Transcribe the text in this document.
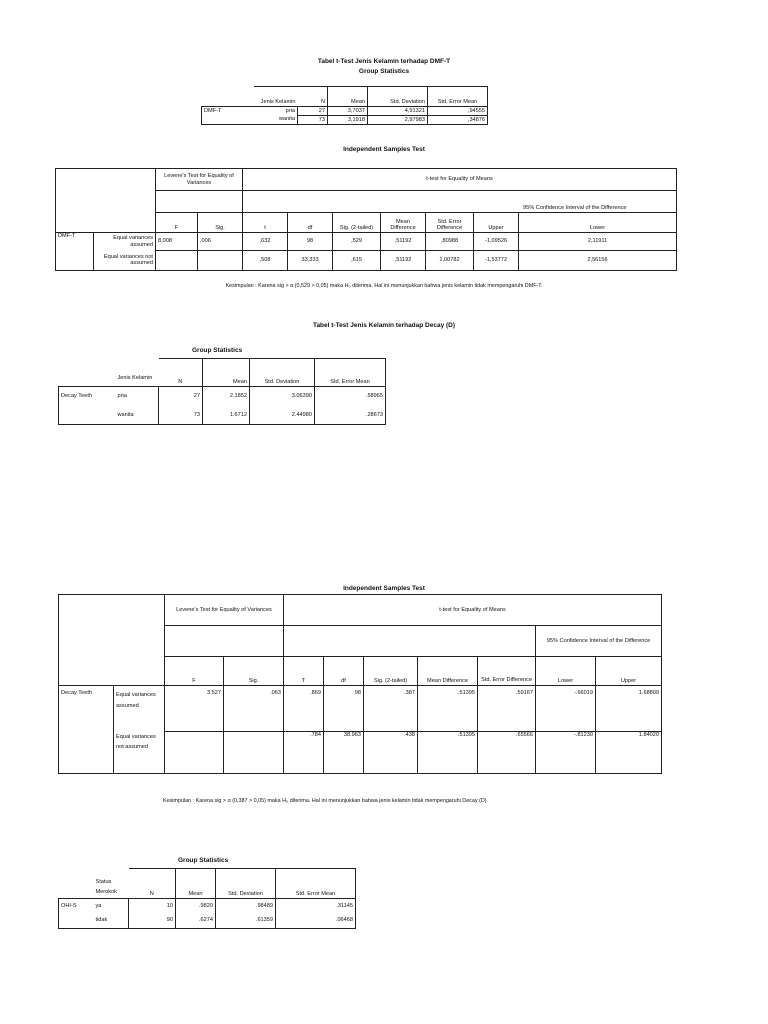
Tabel t-Test Jenis Kelamin terhadap DMF-T
Group Statistics
	Jenis Kelamin	N	Mean	Std. Deviation	Std. Error Mean
DMF-T	pria	27	3,7037	4,91321	,94555
	wanita	73	3,1918	2,97983	,34876
Independent Samples Test
		Levene's Test for Equality of Variances		t-test for Equality of Means						
									95% Confidence Interval of the Difference	
		F	Sig.	t	df	Sig. (2-tailed)	Mean Difference	Std. Error Difference	Upper	Lower
DMF-T	Equal variances assumed	8,008	,006	,632	98	,529	,51192	,80988	-1,09526	2,11911
	Equal variances not assumed			,508	33,333	,615	,51192	1,00782	-1,53772	2,56156
Kesimpulan : Karena sig > α (0,529 > 0,05) maka H₀ diterima. Hal ini menunjukkan bahwa jenis kelamin tidak mempengaruhi DMF-T.
Tabel t-Test Jenis Kelamin terhadap Decay (D)
Group Statistics
	Jenis Kelamin	N	Mean	Std. Deviation	Std. Error Mean
Decay Teeth	pria	27	2.1852	3.06390	.58965
	wanita	73	1.6712	2.44980	.28673
Independent Samples Test
		Levene's Test for Equality of Variances		t-test for Equality of Means						
									95% Confidence Interval of the Difference	
		F	Sig.	T	df	Sig. (2-tailed)	Mean Difference	Std. Error Difference	Lower	Upper
Decay Teeth	Equal variances assumed	3.527	.063	.869	98	.387	.51395	.59167	-.66019	1.68809
	Equal variances not assumed			.784	38.963	.438	.51395	.65566	-.81230	1.84020
Kesimpulan : Karena sig > α (0,387 > 0,05) maka H₀ diterima. Hal ini menunjukkan bahwa jenis kelamin tidak mempengaruhi Decay (D)
Group Statistics
	Status Merokok	N	Mean	Std. Deviation	Std. Error Mean
OHI-S	ya	10	.9820	.98489	.31145
	tidak	90	.6274	.61359	.06468
